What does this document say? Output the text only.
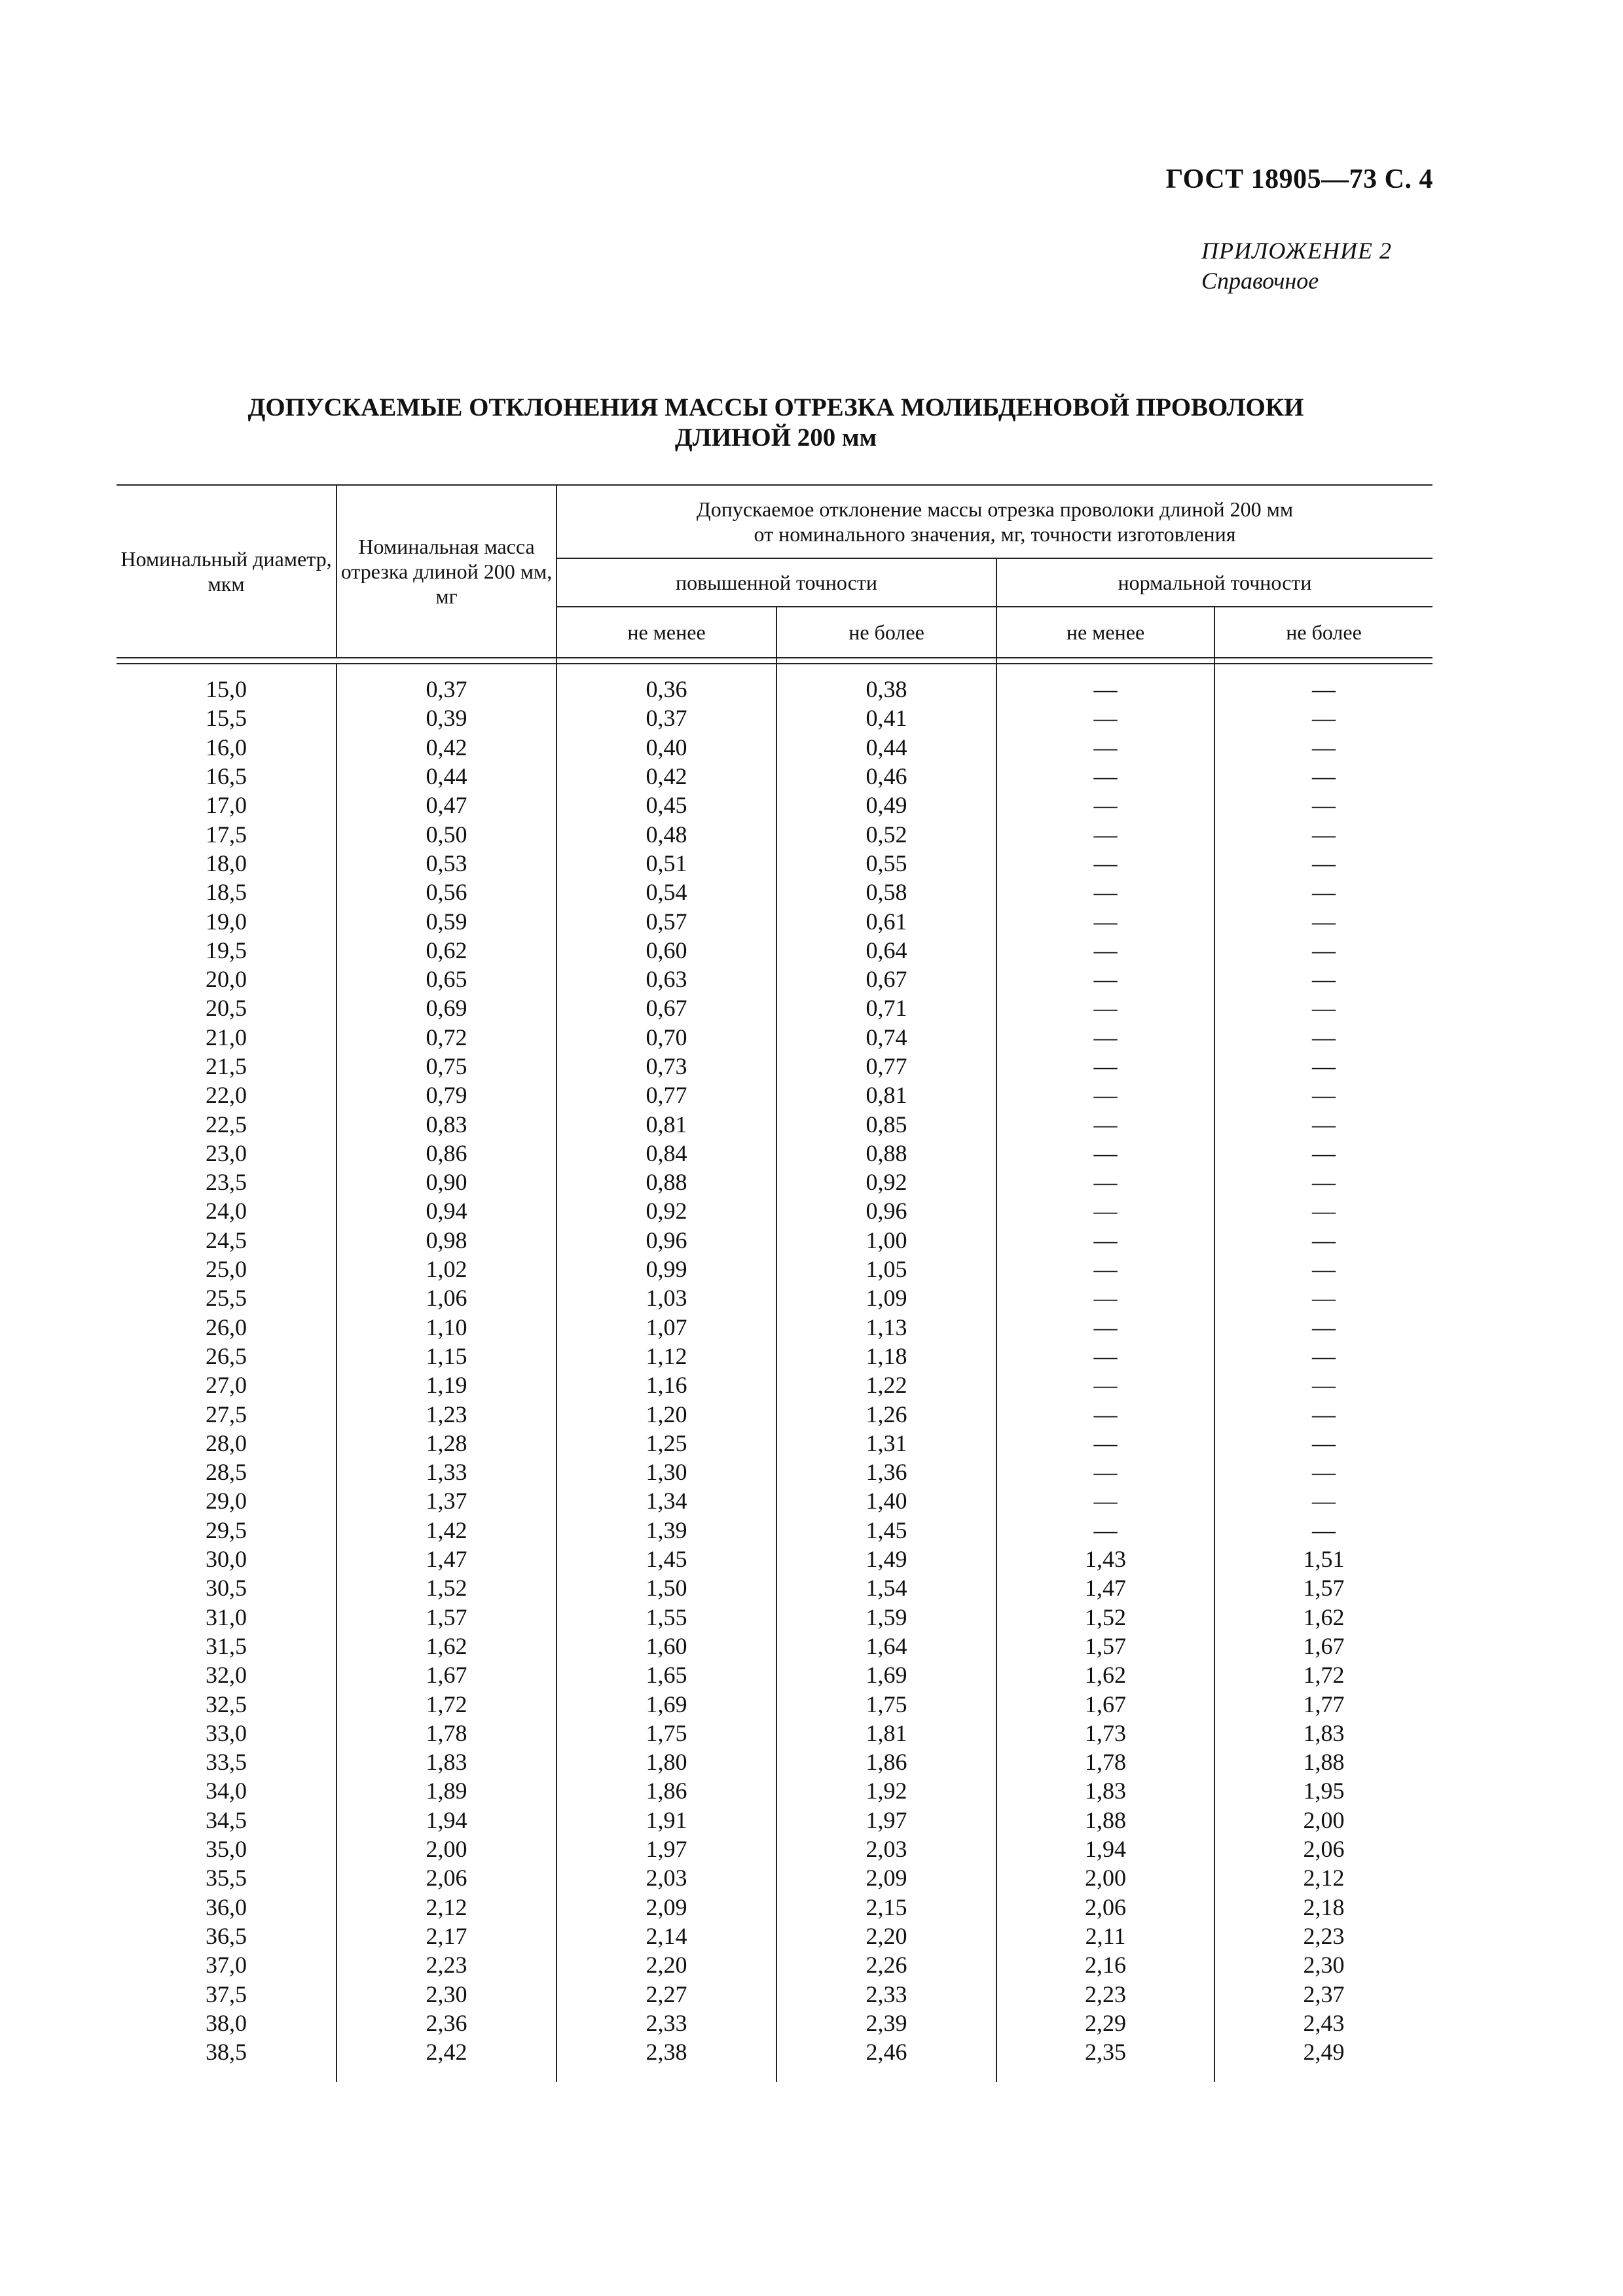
ГОСТ 18905—73 С. 4
ПРИЛОЖЕНИЕ 2
Справочное
ДОПУСКАЕМЫЕ ОТКЛОНЕНИЯ МАССЫ ОТРЕЗКА МОЛИБДЕНОВОЙ ПРОВОЛОКИ
ДЛИНОЙ 200 мм
Номинальный диаметр, мкм	Номинальная масса отрезка длиной 200 мм, мг	Допускаемое отклонение массы отрезка проволоки длиной 200 мм
от номинального значения, мг, точности изготовления			

		повышенной точности		нормальной точности	
		не менее	не более	не менее	не более

15,0	0,37	0,36	0,38	—	—
15,5	0,39	0,37	0,41	—	—
16,0	0,42	0,40	0,44	—	—
16,5	0,44	0,42	0,46	—	—
17,0	0,47	0,45	0,49	—	—
17,5	0,50	0,48	0,52	—	—
18,0	0,53	0,51	0,55	—	—
18,5	0,56	0,54	0,58	—	—
19,0	0,59	0,57	0,61	—	—
19,5	0,62	0,60	0,64	—	—
20,0	0,65	0,63	0,67	—	—
20,5	0,69	0,67	0,71	—	—
21,0	0,72	0,70	0,74	—	—
21,5	0,75	0,73	0,77	—	—
22,0	0,79	0,77	0,81	—	—
22,5	0,83	0,81	0,85	—	—
23,0	0,86	0,84	0,88	—	—
23,5	0,90	0,88	0,92	—	—
24,0	0,94	0,92	0,96	—	—
24,5	0,98	0,96	1,00	—	—
25,0	1,02	0,99	1,05	—	—
25,5	1,06	1,03	1,09	—	—
26,0	1,10	1,07	1,13	—	—
26,5	1,15	1,12	1,18	—	—
27,0	1,19	1,16	1,22	—	—
27,5	1,23	1,20	1,26	—	—
28,0	1,28	1,25	1,31	—	—
28,5	1,33	1,30	1,36	—	—
29,0	1,37	1,34	1,40	—	—
29,5	1,42	1,39	1,45	—	—
30,0	1,47	1,45	1,49	1,43	1,51
30,5	1,52	1,50	1,54	1,47	1,57
31,0	1,57	1,55	1,59	1,52	1,62
31,5	1,62	1,60	1,64	1,57	1,67
32,0	1,67	1,65	1,69	1,62	1,72
32,5	1,72	1,69	1,75	1,67	1,77
33,0	1,78	1,75	1,81	1,73	1,83
33,5	1,83	1,80	1,86	1,78	1,88
34,0	1,89	1,86	1,92	1,83	1,95
34,5	1,94	1,91	1,97	1,88	2,00
35,0	2,00	1,97	2,03	1,94	2,06
35,5	2,06	2,03	2,09	2,00	2,12
36,0	2,12	2,09	2,15	2,06	2,18
36,5	2,17	2,14	2,20	2,11	2,23
37,0	2,23	2,20	2,26	2,16	2,30
37,5	2,30	2,27	2,33	2,23	2,37
38,0	2,36	2,33	2,39	2,29	2,43
38,5	2,42	2,38	2,46	2,35	2,49
